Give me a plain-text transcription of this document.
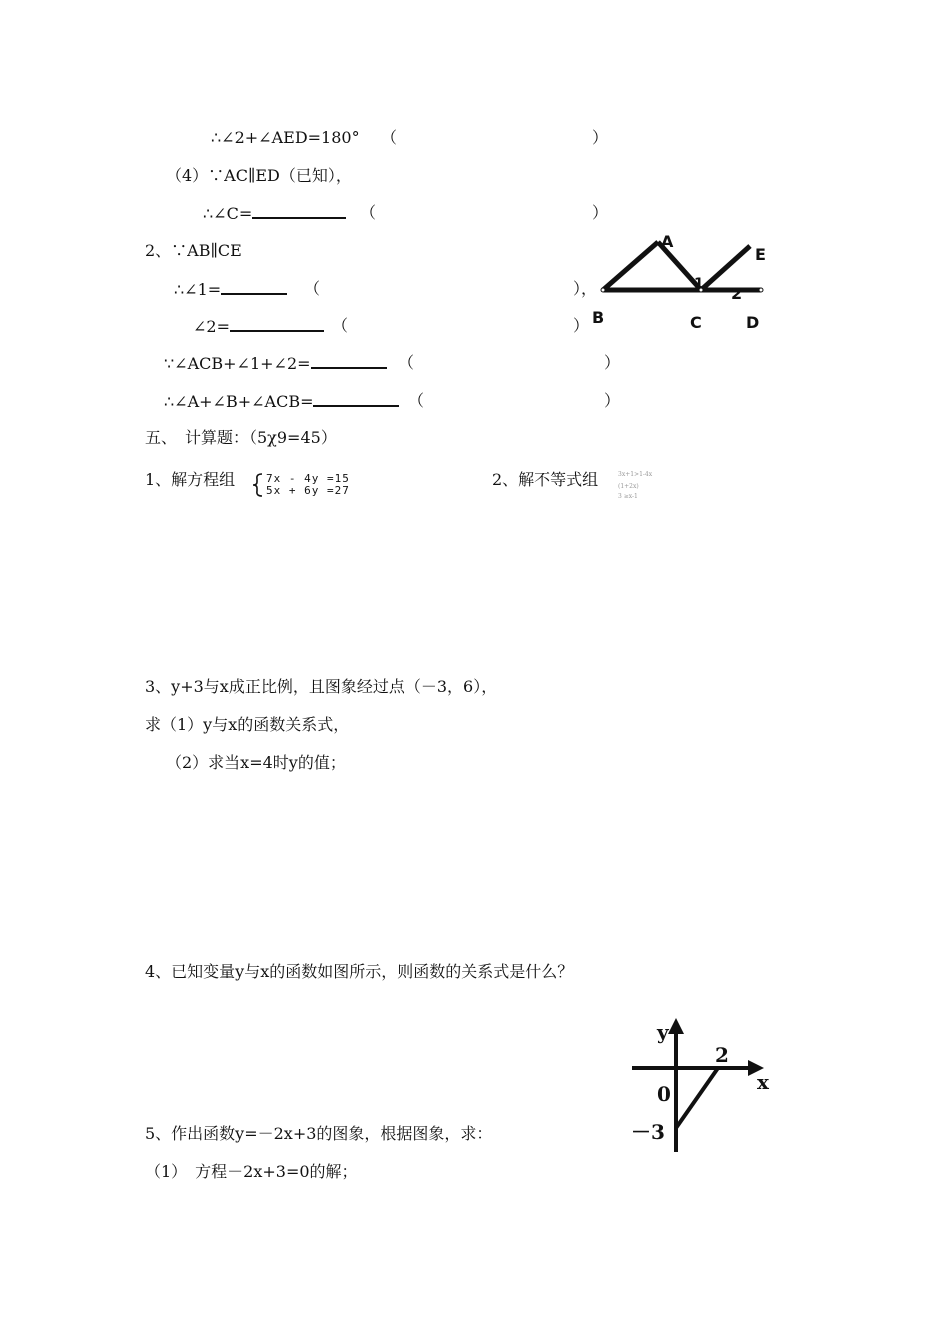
∴∠2+∠AED=180° （	）
（4）∵AC∥ED（已知），
∴∠C=	（	）
2、∵AB∥CE
∴∠1=	（	），
∠2=	（	）
∵∠ACB+∠1+∠2=	（	）
∴∠A+∠B+∠ACB=	（	）
五、　计算题：（5χ9=45）
1、解方程组	7x - 4y =15
5x + 6y =27
2、解不等式组	3x+1>1-4x
(1+2x)
3 ≥x-1
3、y+3与x成正比例，且图象经过点（－3，6），
求（1）y与x的函数关系式，
（2）求当x=4时y的值；
4、已知变量y与x的函数如图所示，则函数的关系式是什么？
5、作出函数y=－2x+3的图象，根据图象，求：
（1）　方程－2x+3=0的解；
A
E
1 2
B	C	D
y
2
x
0
－3
